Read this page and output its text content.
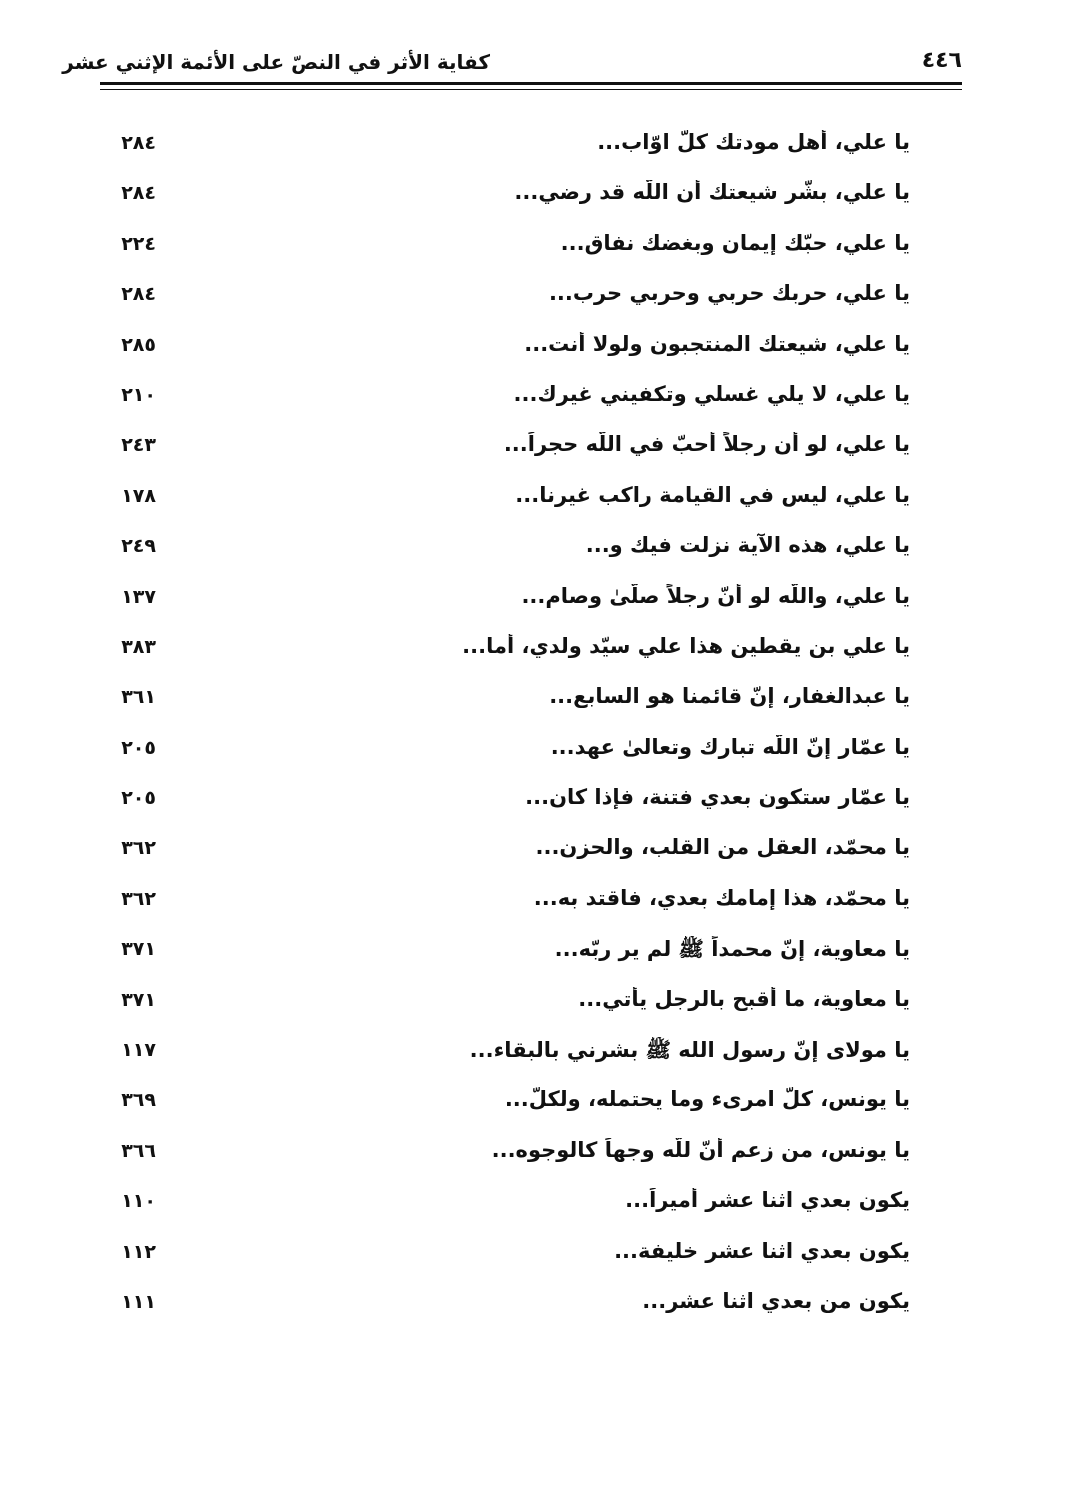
٤٤٦
كفاية الأثر في النصّ على الأئمة الإثني عشر
يا علي، أهل مودتك كلّ اوّاب...
٢٨٤
يا علي، بشّر شيعتك أن اللّه قد رضي...
٢٨٤
يا علي، حبّك إيمان وبغضك نفاق...
٢٢٤
يا علي، حربك حربي وحربي حرب...
٢٨٤
يا علي، شيعتك المنتجبون ولولا أنت...
٢٨٥
يا علي، لا يلي غسلي وتكفيني غيرك...
٢١٠
يا علي، لو أن رجلاً أحبّ في اللّه حجراً...
٢٤٣
يا علي، ليس في القيامة راكب غيرنا...
١٧٨
يا علي، هذه الآية نزلت فيك و...
٢٤٩
يا علي، واللّه لو أنّ رجلاً صلّىٰ وصام...
١٣٧
يا علي بن يقطين هذا علي سيّد ولدي، أما...
٣٨٣
يا عبدالغفار، إنّ قائمنا هو السابع...
٣٦١
يا عمّار إنّ اللّه تبارك وتعالىٰ عهد...
٢٠٥
يا عمّار ستكون بعدي فتنة، فإذا كان...
٢٠٥
يا محمّد، العقل من القلب، والحزن...
٣٦٢
يا محمّد، هذا إمامك بعدي، فاقتد به...
٣٦٢
يا معاوية، إنّ محمداً ﷺ لم ير ربّه...
٣٧١
يا معاوية، ما أقبح بالرجل يأتي...
٣٧١
يا مولاى إنّ رسول الله ﷺ بشرني بالبقاء...
١١٧
يا يونس، كلّ امرىء وما يحتمله، ولكلّ...
٣٦٩
يا يونس، من زعم أنّ للّه وجهاً كالوجوه...
٣٦٦
يكون بعدي اثنا عشر أميراً...
١١٠
يكون بعدي اثنا عشر خليفة...
١١٢
يكون من بعدي اثنا عشر...
١١١
